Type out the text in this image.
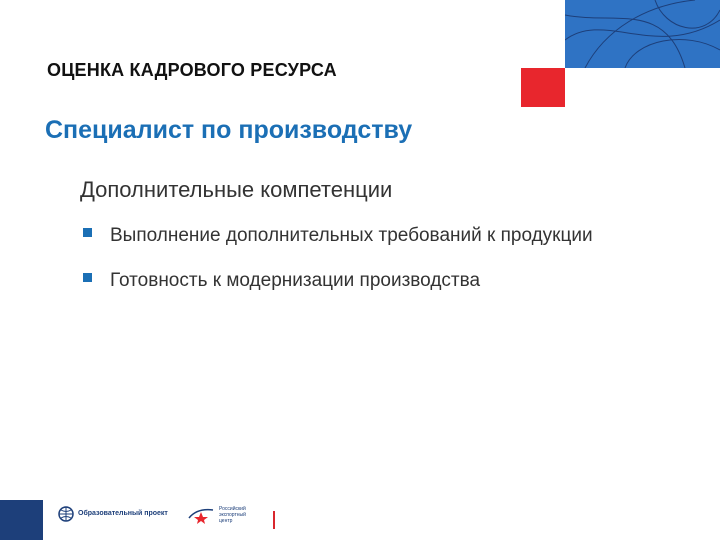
ОЦЕНКА КАДРОВОГО РЕСУРСА
Специалист по производству
Дополнительные компетенции
Выполнение дополнительных требований к продукции
Готовность к модернизации производства
Образовательный проект
Российский экспортный центр
